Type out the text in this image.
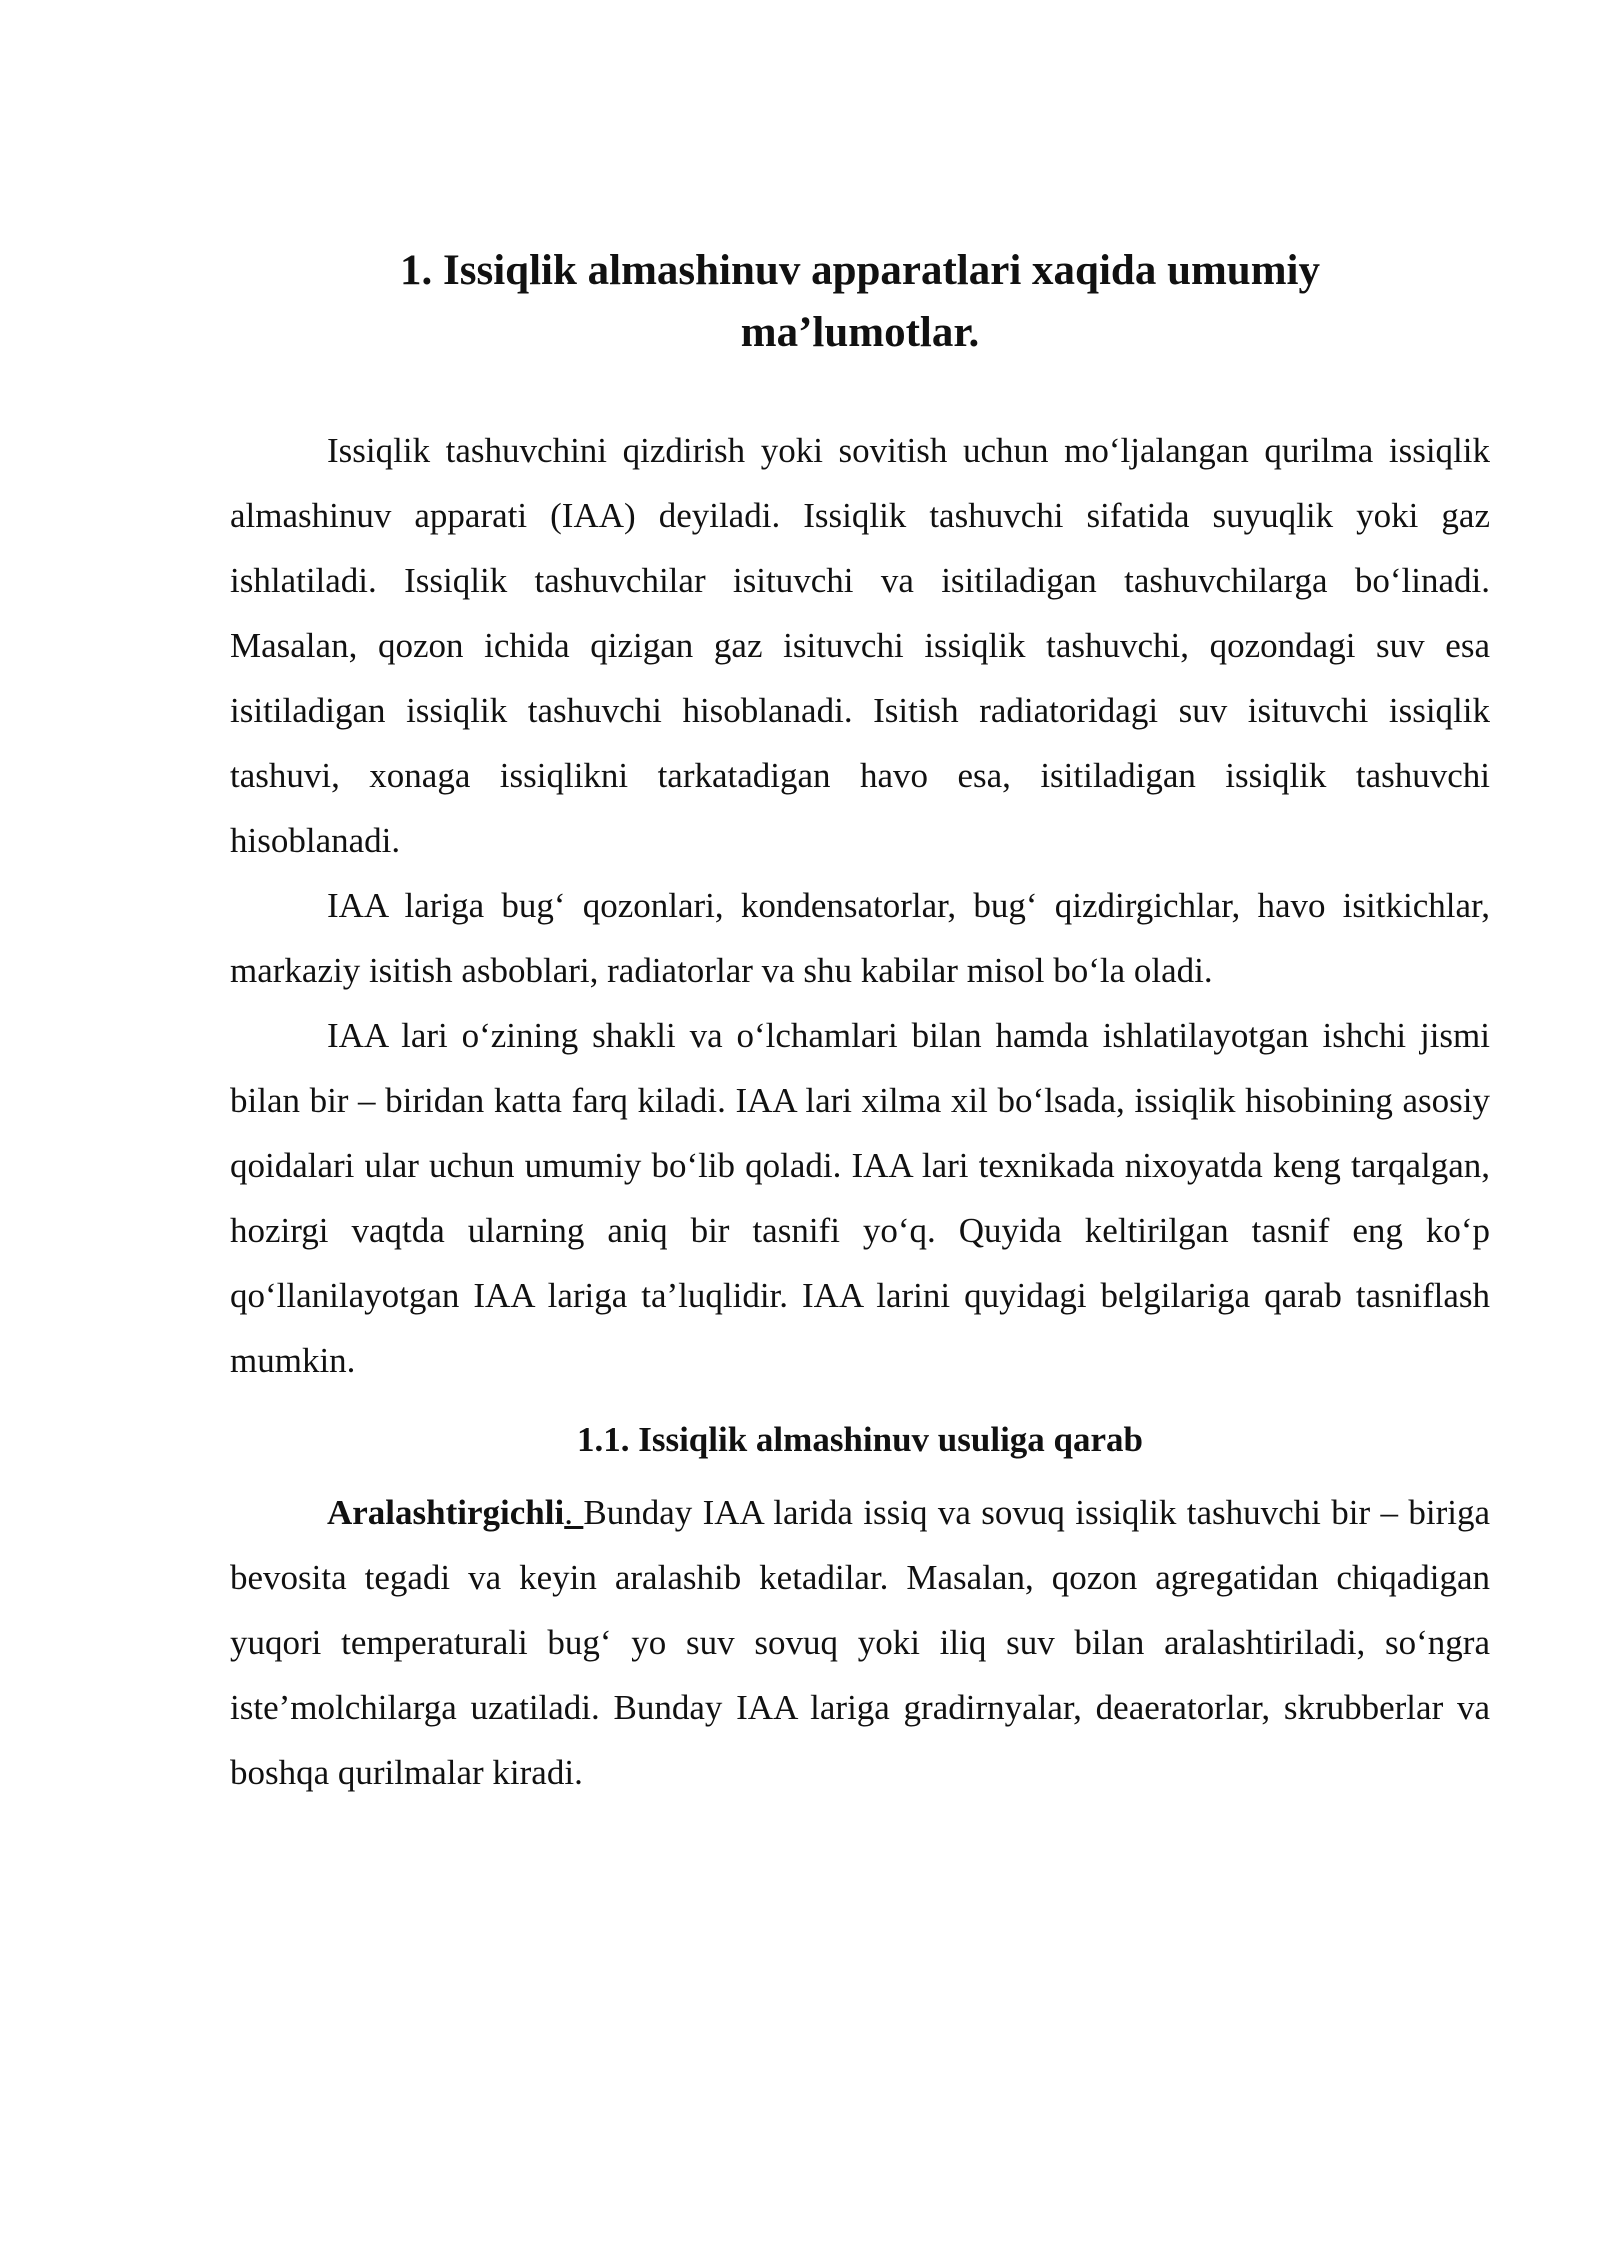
1. Issiqlik almashinuv apparatlari xaqida umumiy
ma’lumotlar.

Issiqlik tashuvchini qizdirish yoki sovitish uchun mo‘ljalangan qurilma issiqlik almashinuv apparati (IAA) deyiladi. Issiqlik tashuvchi sifatida suyuqlik yoki gaz ishlatiladi. Issiqlik tashuvchilar isituvchi va isitiladigan tashuvchilarga bo‘linadi. Masalan, qozon ichida qizigan gaz isituvchi issiqlik tashuvchi, qozondagi suv esa isitiladigan issiqlik tashuvchi hisoblanadi. Isitish radiatoridagi suv isituvchi issiqlik tashuvi, xonaga issiqlikni tarkatadigan havo esa, isitiladigan issiqlik tashuvchi hisoblanadi.

IAA lariga bug‘ qozonlari, kondensatorlar, bug‘ qizdirgichlar, havo isitkichlar, markaziy isitish asboblari, radiatorlar va shu kabilar misol bo‘la oladi.

IAA lari o‘zining shakli va o‘lchamlari bilan hamda ishlatilayotgan ishchi jismi bilan bir – biridan katta farq kiladi. IAA lari xilma xil bo‘lsada, issiqlik hisobining asosiy qoidalari ular uchun umumiy bo‘lib qoladi. IAA lari texnikada nixoyatda keng tarqalgan, hozirgi vaqtda ularning aniq bir tasnifi yo‘q. Quyida keltirilgan tasnif eng ko‘p qo‘llanilayotgan IAA lariga ta’luqlidir. IAA larini quyidagi belgilariga qarab tasniflash mumkin.

1.1. Issiqlik almashinuv usuliga qarab

Aralashtirgichli. Bunday IAA larida issiq va sovuq issiqlik tashuvchi bir – biriga bevosita tegadi va keyin aralashib ketadilar. Masalan, qozon agregatidan chiqadigan yuqori temperaturali bug‘ yo suv sovuq yoki iliq suv bilan aralashtiriladi, so‘ngra iste’molchilarga uzatiladi. Bunday IAA lariga gradirnyalar, deaeratorlar, skrubberlar va boshqa qurilmalar kiradi.
